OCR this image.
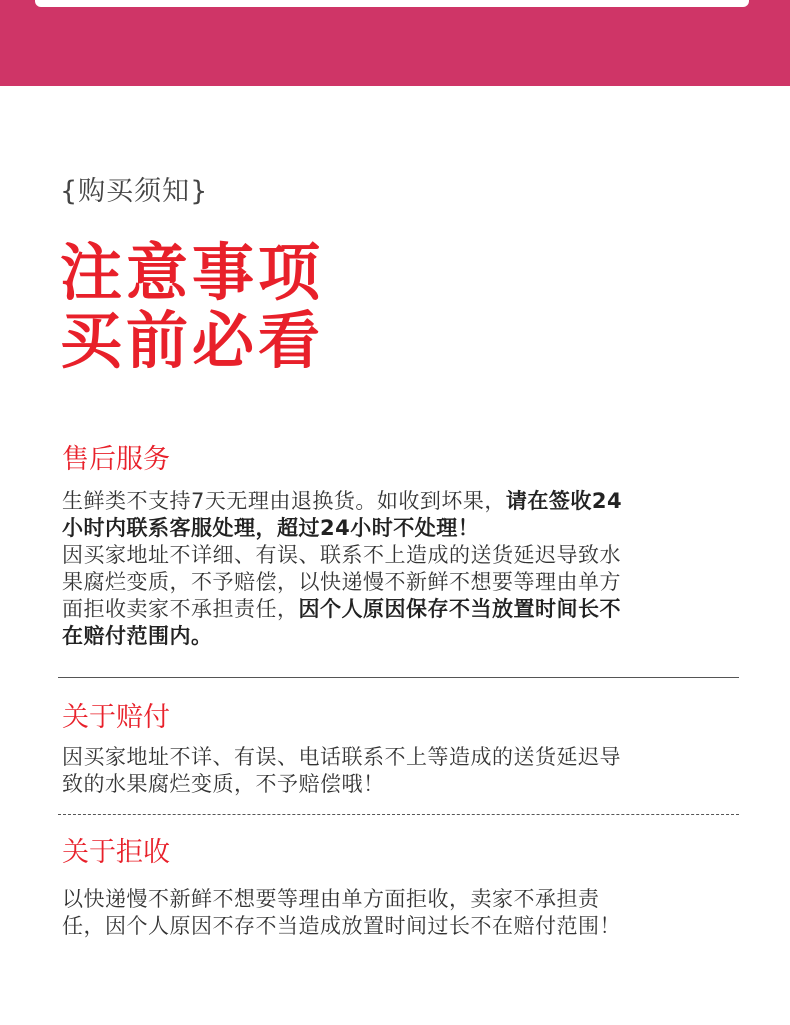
{购买须知}
注意事项
买前必看
售后服务
生鲜类不支持7天无理由退换货。如收到坏果，请在签收24
小时内联系客服处理，超过24小时不处理！
因买家地址不详细、有误、联系不上造成的送货延迟导致水
果腐烂变质，不予赔偿，以快递慢不新鲜不想要等理由单方
面拒收卖家不承担责任，因个人原因保存不当放置时间长不
在赔付范围内。
关于赔付
因买家地址不详、有误、电话联系不上等造成的送货延迟导
致的水果腐烂变质，不予赔偿哦！
关于拒收
以快递慢不新鲜不想要等理由单方面拒收，卖家不承担责
任，因个人原因不存不当造成放置时间过长不在赔付范围！
